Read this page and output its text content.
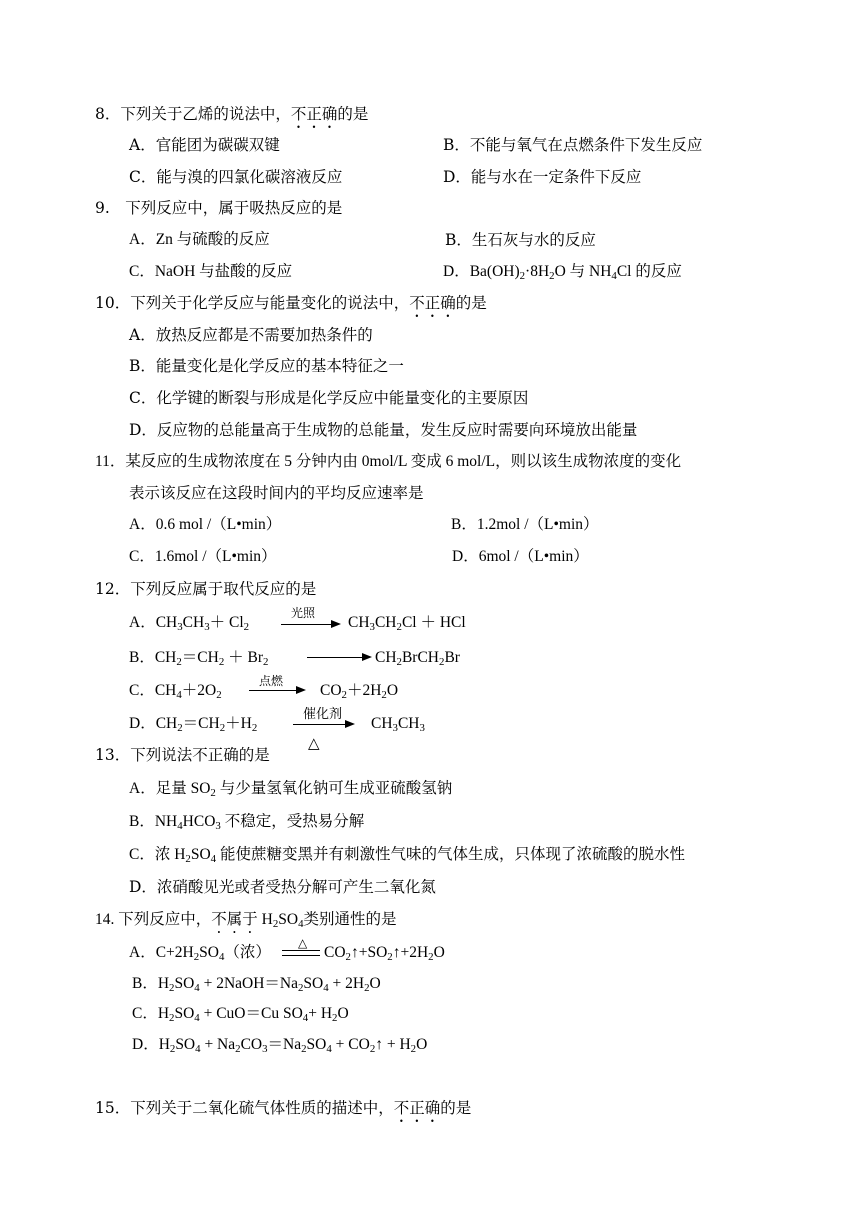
8．下列关于乙烯的说法中，不正确的是
A．官能团为碳碳双键	B．不能与氧气在点燃条件下发生反应
C．能与溴的四氯化碳溶液反应	D．能与水在一定条件下反应
9.　下列反应中，属于吸热反应的是
A．Zn 与硫酸的反应	B．生石灰与水的反应
C．NaOH 与盐酸的反应	D．$Ba(OH)_2\cdot 8H_2O$ 与 $NH_4Cl$ 的反应
10．下列关于化学反应与能量变化的说法中，不正确的是
A．放热反应都是不需要加热条件的
B．能量变化是化学反应的基本特征之一
C．化学键的断裂与形成是化学反应中能量变化的主要原因
D．反应物的总能量高于生成物的总能量，发生反应时需要向环境放出能量
11．某反应的生成物浓度在 5 分钟内由 0mol/L 变成 6 mol/L，则以该生成物浓度的变化
表示该反应在这段时间内的平均反应速率是
A．0.6 mol /（L•min）	B．1.2mol /（L•min）
C．1.6mol /（L•min）	D．6mol /（L•min）
12．下列反应属于取代反应的是
A．$CH_3CH_3+ Cl_2$
光照
$CH_3CH_2Cl$ ＋ HCl
B．$CH_2=CH_2 + Br_2$	$CH_2BrCH_2Br$
C．$CH_4+2O_2$
点燃
$CO_2+2H_2O$
D．$CH_2=CH_2+H_2$
催化剂
△
$CH_3CH_3$
13．下列说法不正确的是
A．足量 $SO_2$ 与少量氢氧化钠可生成亚硫酸氢钠
B．$NH_4HCO_3$ 不稳定，受热易分解
C．浓 $H_2SO_4$ 能使蔗糖变黑并有刺激性气味的气体生成，只体现了浓硫酸的脱水性
D．浓硝酸见光或者受热分解可产生二氧化氮
14. 下列反应中，不属于 $H_2SO_4$类别通性的是
A．$C+2H_2SO_4$（浓）
△
$CO_2↑+SO_2↑+2H_2O$
B．$H_2SO_4$ + $2NaOH=Na_2SO_4 + 2H_2O$
C．$H_2SO_4 + CuO=Cu$ $SO_4+ H_2O$
D．$H_2SO_4 + Na_2CO_3=Na_2SO_4$ + $CO_2↑ + H_2O$
15．下列关于二氧化硫气体性质的描述中，不正确的是
